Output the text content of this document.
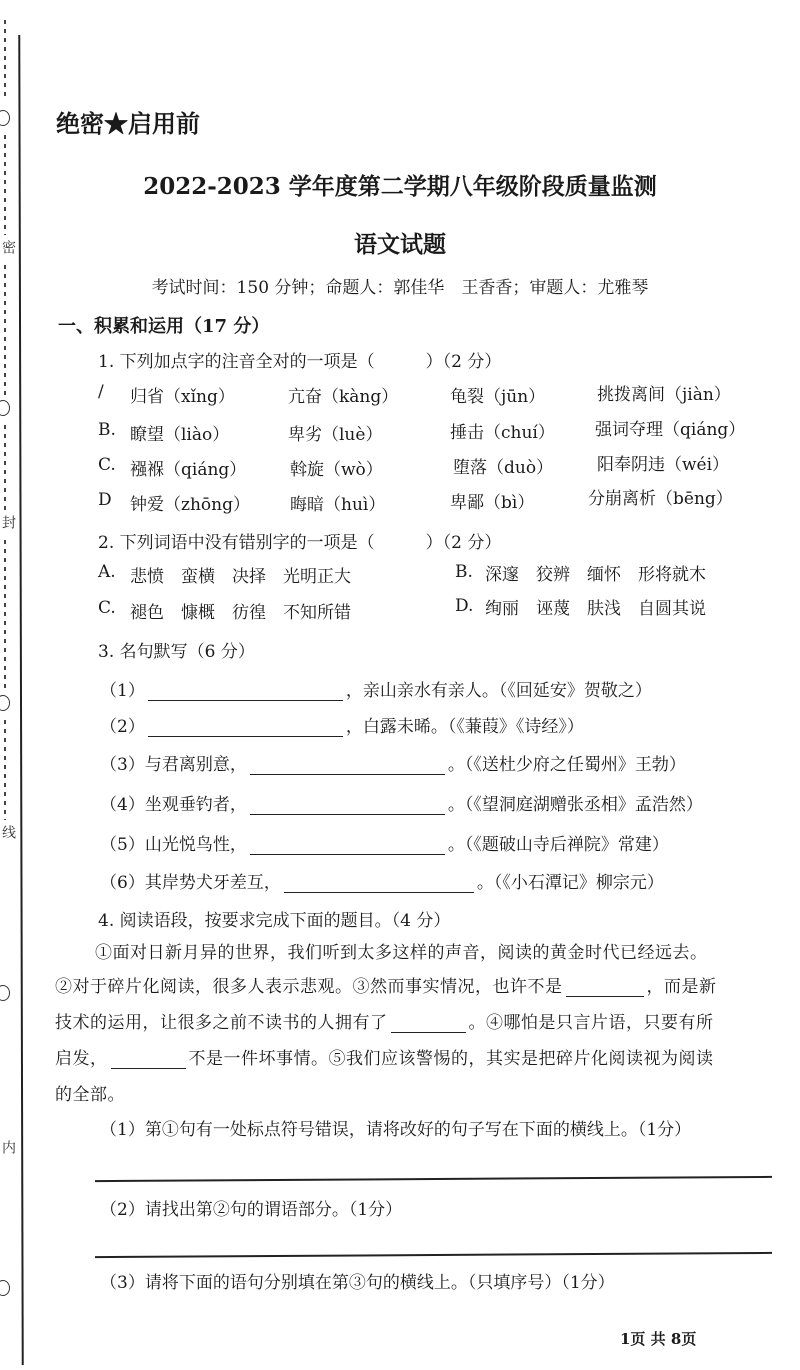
密
封
线
内
绝密★启用前
2022-2023 学年度第二学期八年级阶段质量监测
语文试题
考试时间：150 分钟；命题人：郭佳华　王香香；审题人：尤雅琴
一、积累和运用（17 分）
1. 下列加点字的注音全对的一项是（　　　）（2 分）
/ 归省（xǐng）	亢奋（kàng）	龟裂（jūn）	挑拨离间（jiàn）
B. 瞭望（liào）	卑劣（luè）	捶击（chuí） 强词夺理（qiáng）
C. 襁褓（qiáng）	斡旋（wò）	堕落（duò）	阳奉阴违（wéi）
D 钟爱（zhōng） 晦暗（huì）	卑鄙（bì）	分崩离析（bēng）
2. 下列词语中没有错别字的一项是（　　　）（2 分）
A. 悲愤　蛮横　决择　光明正大	B. 深邃　狡辨　缅怀　形将就木
C. 褪色　慷概　彷徨　不知所错	D. 绚丽　诬蔑　肤浅　自圆其说
3. 名句默写（6 分）
（1）	，亲山亲水有亲人。（《回延安》贺敬之）
（2）	，白露未晞。（《蒹葭》《诗经》）
（3）与君离别意，	。（《送杜少府之任蜀州》王勃）
（4）坐观垂钓者，	。（《望洞庭湖赠张丞相》孟浩然）
（5）山光悦鸟性，	。（《题破山寺后禅院》常建）
（6）其岸势犬牙差互，	。（《小石潭记》柳宗元）
4. 阅读语段，按要求完成下面的题目。（4 分）
①面对日新月异的世界，我们听到太多这样的声音，阅读的黄金时代已经远去。
②对于碎片化阅读，很多人表示悲观。③然而事实情况，也许不是	，而是新
技术的运用，让很多之前不读书的人拥有了	。④哪怕是只言片语，只要有所
启发，	不是一件坏事情。⑤我们应该警惕的，其实是把碎片化阅读视为阅读
的全部。
（1）第①句有一处标点符号错误，请将改好的句子写在下面的横线上。（1分）
（2）请找出第②句的谓语部分。（1分）
（3）请将下面的语句分别填在第③句的横线上。（只填序号）（1分）
1页 共 8页
